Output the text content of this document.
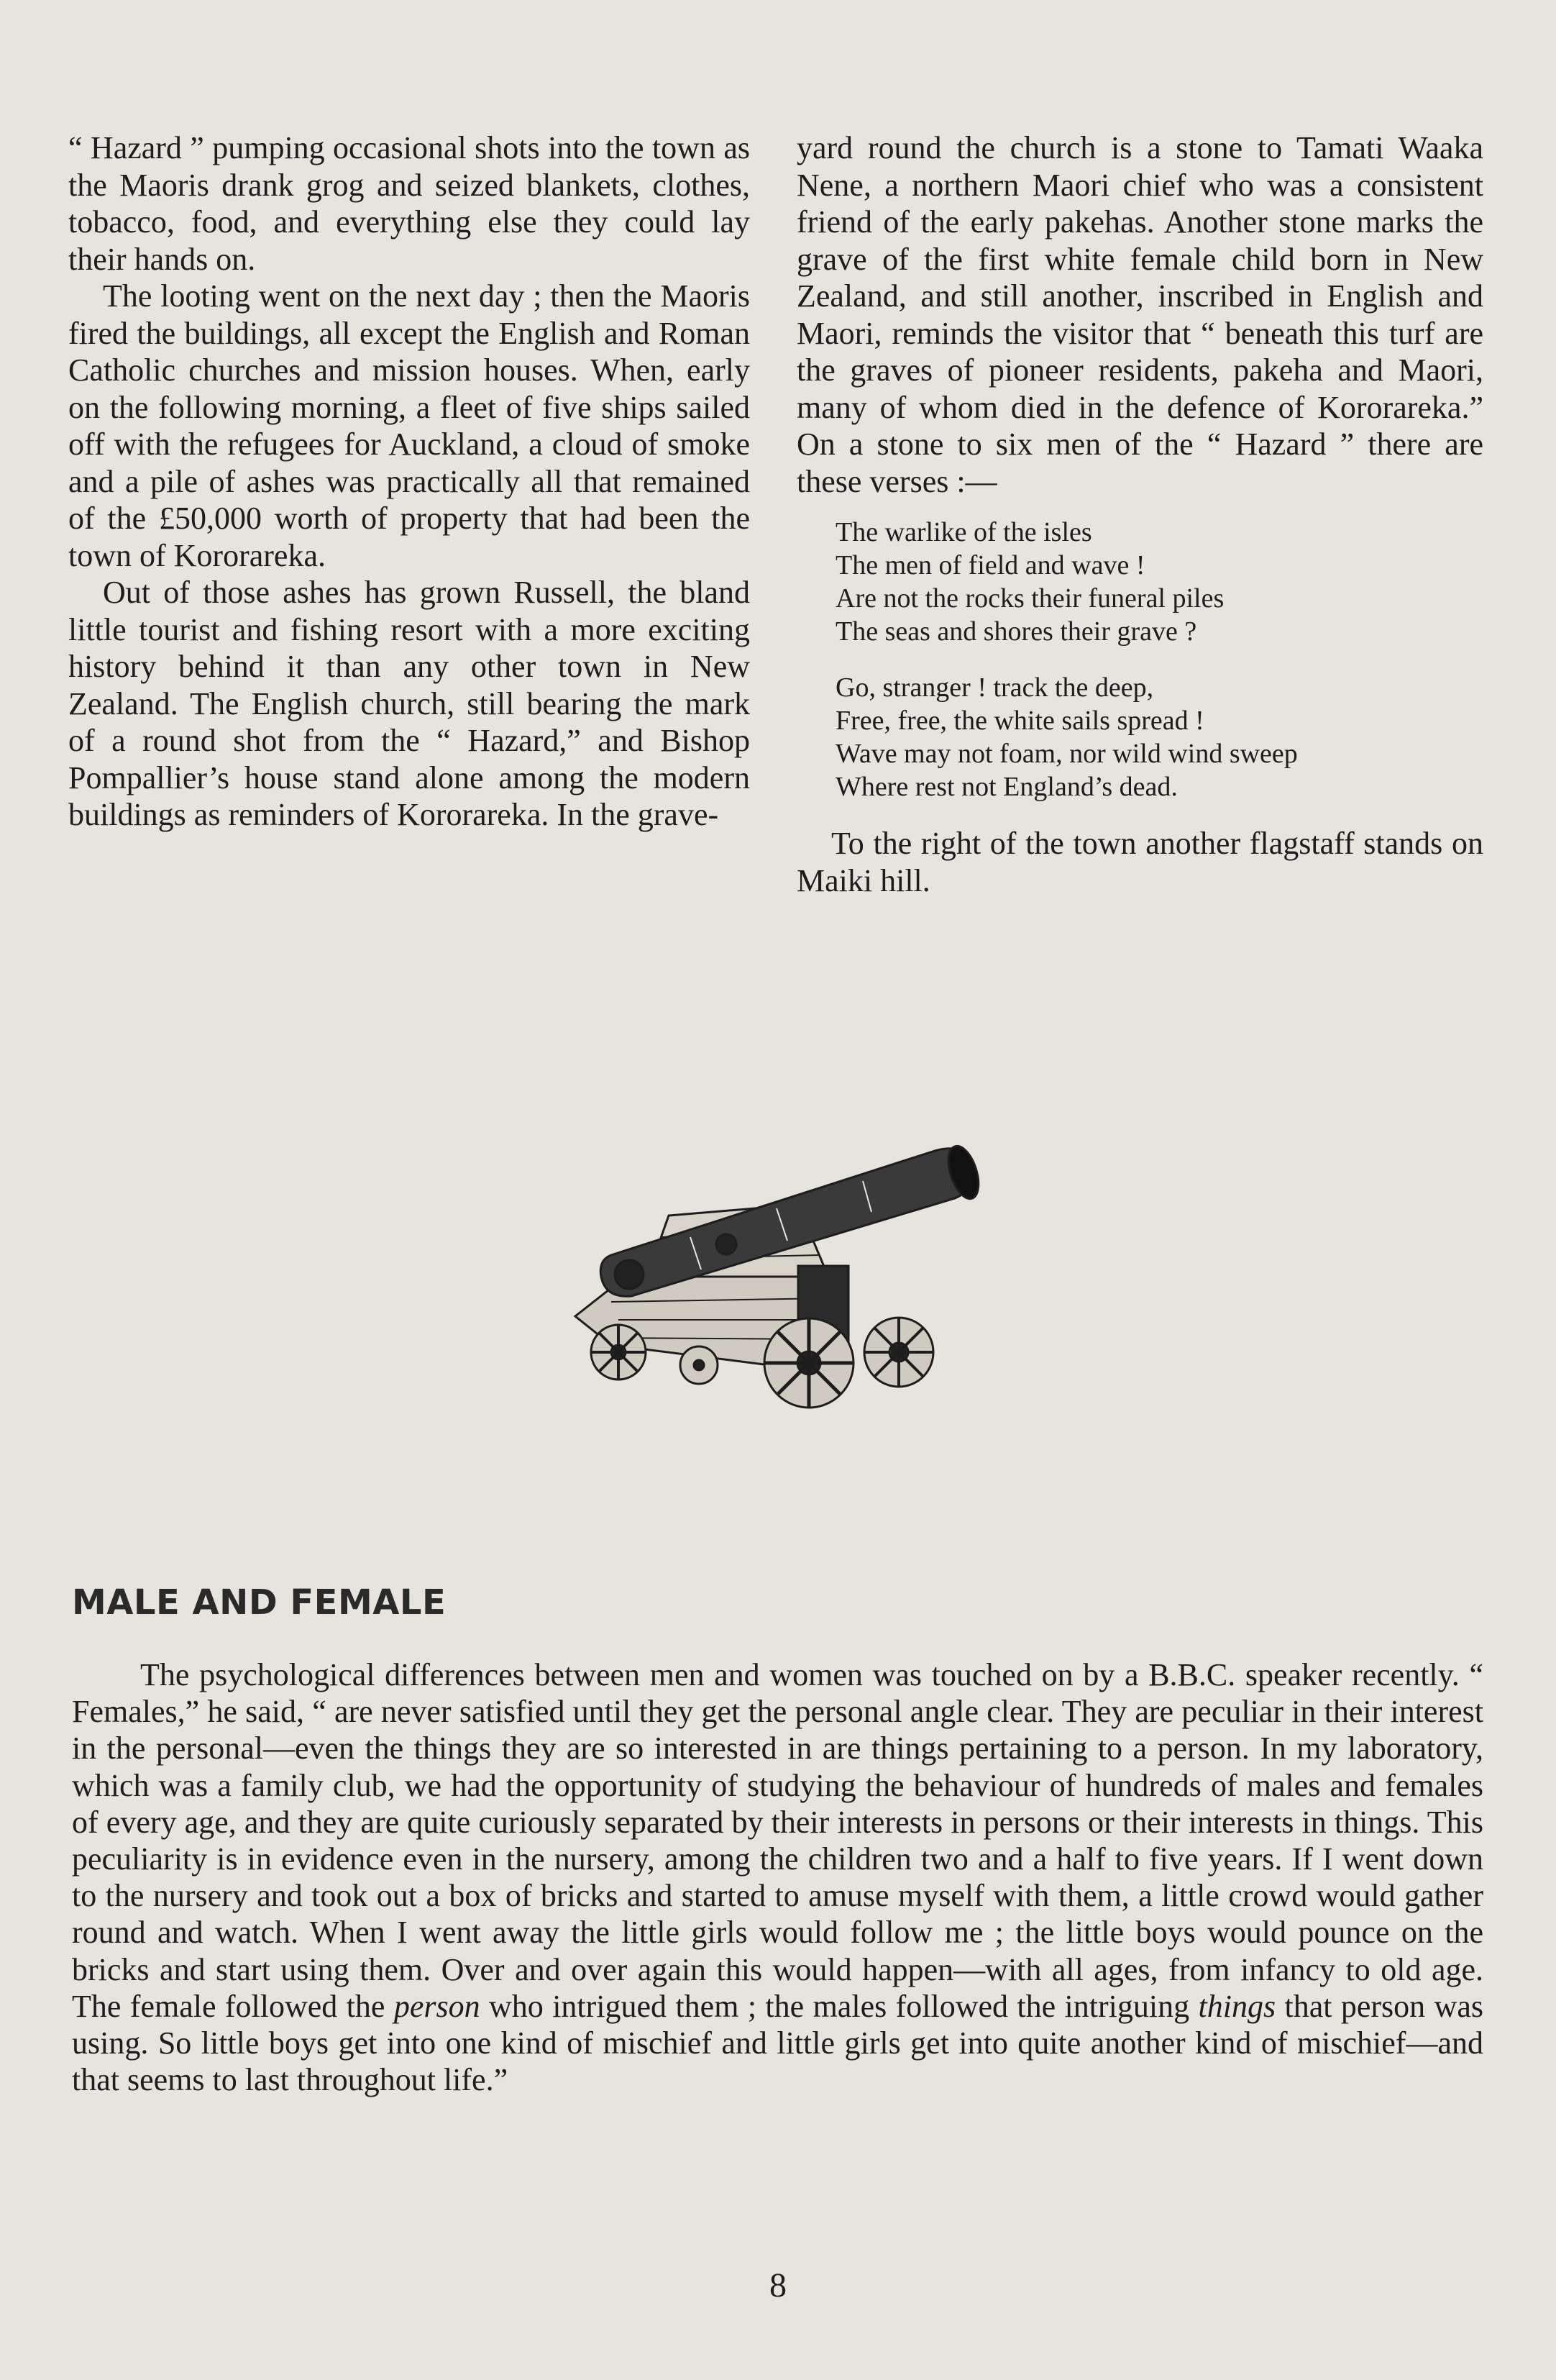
“ Hazard ” pumping occasional shots into the town as the Maoris drank grog and seized blankets, clothes, tobacco, food, and everything else they could lay their hands on.

The looting went on the next day ; then the Maoris fired the buildings, all except the English and Roman Catholic churches and mission houses. When, early on the following morning, a fleet of five ships sailed off with the refugees for Auckland, a cloud of smoke and a pile of ashes was practically all that remained of the £50,000 worth of property that had been the town of Kororareka.

Out of those ashes has grown Russell, the bland little tourist and fishing resort with a more exciting history behind it than any other town in New Zealand. The English church, still bearing the mark of a round shot from the “ Hazard,” and Bishop Pompallier’s house stand alone among the modern buildings as reminders of Kororareka. In the grave-

yard round the church is a stone to Tamati Waaka Nene, a northern Maori chief who was a consistent friend of the early pakehas. Another stone marks the grave of the first white female child born in New Zealand, and still another, inscribed in English and Maori, reminds the visitor that “ beneath this turf are the graves of pioneer residents, pakeha and Maori, many of whom died in the defence of Kororareka.” On a stone to six men of the “ Hazard ” there are these verses :—

The warlike of the isles
The men of field and wave !
Are not the rocks their funeral piles
The seas and shores their grave ?
Go, stranger ! track the deep,
Free, free, the white sails spread !
Wave may not foam, nor wild wind sweep
Where rest not England’s dead.

To the right of the town another flagstaff stands on Maiki hill.

MALE AND FEMALE

The psychological differences between men and women was touched on by a B.B.C. speaker recently. “ Females,” he said, “ are never satisfied until they get the personal angle clear. They are peculiar in their interest in the personal—even the things they are so interested in are things pertaining to a person. In my laboratory, which was a family club, we had the opportunity of studying the behaviour of hundreds of males and females of every age, and they are quite curiously separated by their interests in persons or their interests in things. This peculiarity is in evidence even in the nursery, among the children two and a half to five years. If I went down to the nursery and took out a box of bricks and started to amuse myself with them, a little crowd would gather round and watch. When I went away the little girls would follow me ; the little boys would pounce on the bricks and start using them. Over and over again this would happen—with all ages, from infancy to old age. The female followed the person who intrigued them ; the males followed the intriguing things that person was using. So little boys get into one kind of mischief and little girls get into quite another kind of mischief—and that seems to last throughout life.”

8
